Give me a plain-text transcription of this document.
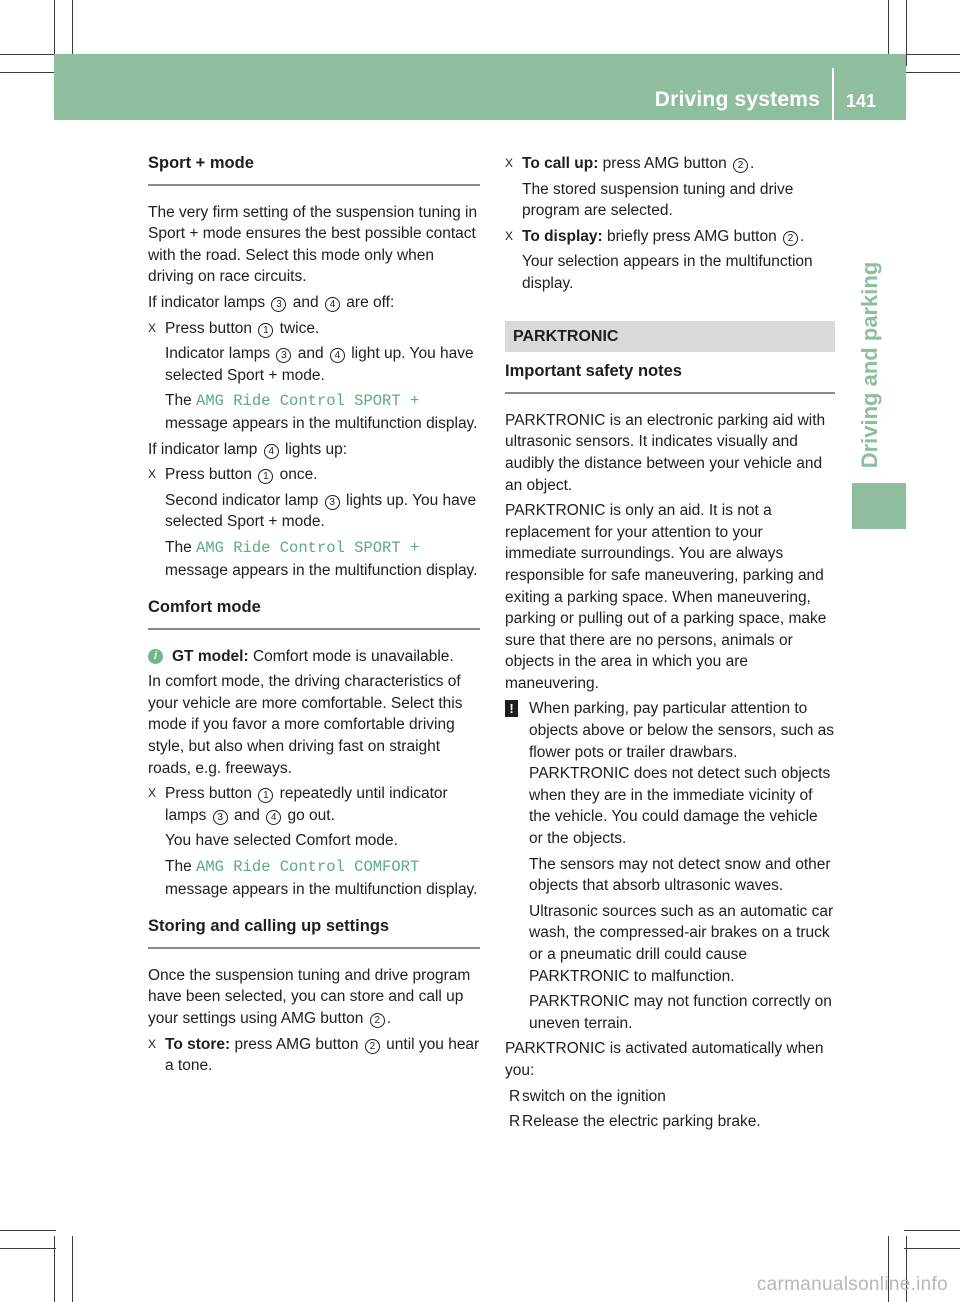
Driving systems 141
Driving and parking
Sport + mode

The very firm setting of the suspension tuning in Sport + mode ensures the best possible contact with the road. Select this mode only when driving on race circuits.

If indicator lamps 3 and 4 are off:

X Press button 1 twice.
Indicator lamps 3 and 4 light up. You have selected Sport + mode.
The AMG Ride Control SPORT + message appears in the multifunction display.

If indicator lamp 4 lights up:

X Press button 1 once.
Second indicator lamp 3 lights up. You have selected Sport + mode.
The AMG Ride Control SPORT + message appears in the multifunction display.
Comfort mode
i GT model: Comfort mode is unavailable.

In comfort mode, the driving characteristics of your vehicle are more comfortable. Select this mode if you favor a more comfortable driving style, but also when driving fast on straight roads, e.g. freeways.

X Press button 1 repeatedly until indicator lamps 3 and 4 go out.
You have selected Comfort mode.
The AMG Ride Control COMFORT message appears in the multifunction display.
Storing and calling up settings

Once the suspension tuning and drive program have been selected, you can store and call up your settings using AMG button 2 .

X To store: press AMG button 2 until you hear a tone.
X To call up: press AMG button 2 .
The stored suspension tuning and drive program are selected.
X To display: briefly press AMG button 2 .
Your selection appears in the multifunction display.
PARKTRONIC
Important safety notes

PARKTRONIC is an electronic parking aid with ultrasonic sensors. It indicates visually and audibly the distance between your vehicle and an object.

PARKTRONIC is only an aid. It is not a replacement for your attention to your immediate surroundings. You are always responsible for safe maneuvering, parking and exiting a parking space. When maneuvering, parking or pulling out of a parking space, make sure that there are no persons, animals or objects in the area in which you are maneuvering.

! When parking, pay particular attention to objects above or below the sensors, such as flower pots or trailer drawbars. PARKTRONIC does not detect such objects when they are in the immediate vicinity of the vehicle. You could damage the vehicle or the objects.
The sensors may not detect snow and other objects that absorb ultrasonic waves.
Ultrasonic sources such as an automatic car wash, the compressed-air brakes on a truck or a pneumatic drill could cause PARKTRONIC to malfunction.
PARKTRONIC may not function correctly on uneven terrain.

PARKTRONIC is activated automatically when you:

R switch on the ignition
R Release the electric parking brake.
carmanualsonline.info
